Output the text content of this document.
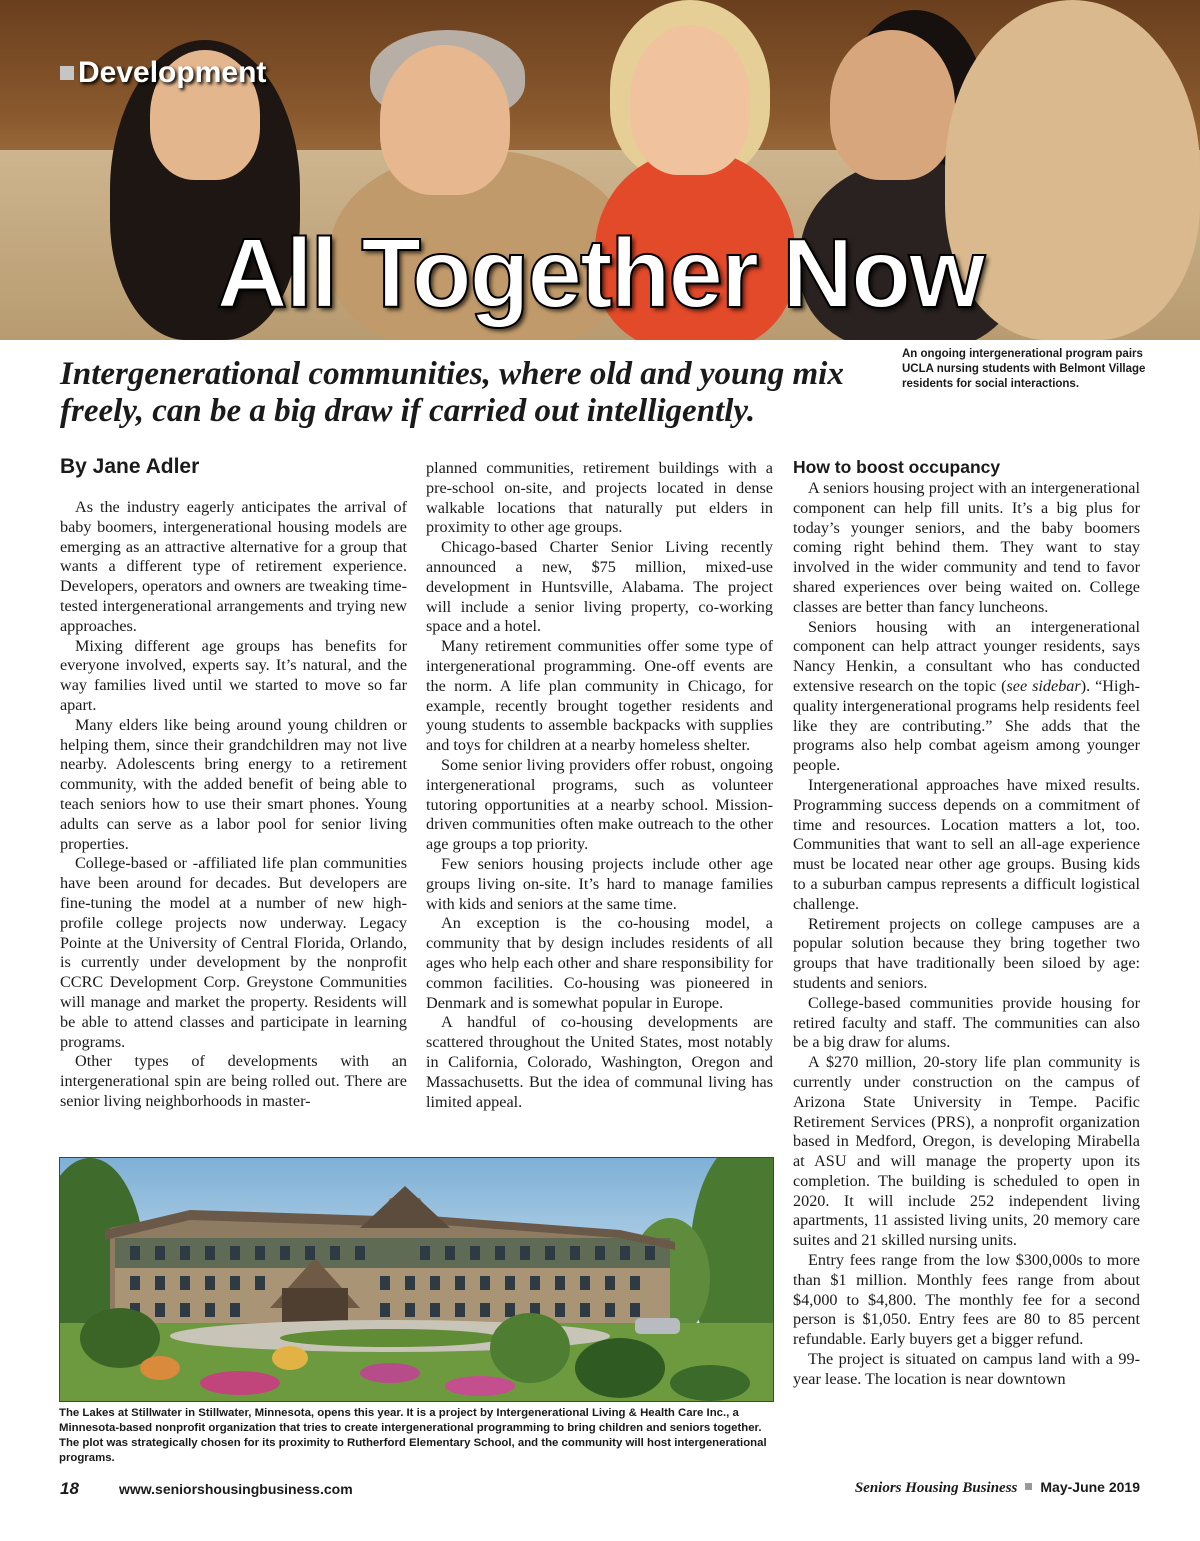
Development

All Together Now

Intergenerational communities, where old and young mix freely, can be a big draw if carried out intelligently.

An ongoing intergenerational program pairs UCLA nursing students with Belmont Village residents for social interactions.

By Jane Adler

As the industry eagerly anticipates the arrival of baby boomers, intergenerational housing models are emerging as an attractive alternative for a group that wants a different type of retirement experience. Developers, operators and owners are tweaking time-tested intergenerational arrangements and trying new approaches.

Mixing different age groups has benefits for everyone involved, experts say. It’s natural, and the way families lived until we started to move so far apart.

Many elders like being around young children or helping them, since their grandchildren may not live nearby. Adolescents bring energy to a retirement community, with the added benefit of being able to teach seniors how to use their smart phones. Young adults can serve as a labor pool for senior living properties.

College-based or -affiliated life plan communities have been around for decades. But developers are fine-tuning the model at a number of new high-profile college projects now underway. Legacy Pointe at the University of Central Florida, Orlando, is currently under development by the nonprofit CCRC Development Corp. Greystone Communities will manage and market the property. Residents will be able to attend classes and participate in learning programs.

Other types of developments with an intergenerational spin are being rolled out. There are senior living neighborhoods in master-

planned communities, retirement buildings with a pre-school on-site, and projects located in dense walkable locations that naturally put elders in proximity to other age groups.

Chicago-based Charter Senior Living recently announced a new, $75 million, mixed-use development in Huntsville, Alabama. The project will include a senior living property, co-working space and a hotel.

Many retirement communities offer some type of intergenerational programming. One-off events are the norm. A life plan community in Chicago, for example, recently brought together residents and young students to assemble backpacks with supplies and toys for children at a nearby homeless shelter.

Some senior living providers offer robust, ongoing intergenerational programs, such as volunteer tutoring opportunities at a nearby school. Mission-driven communities often make outreach to the other age groups a top priority.

Few seniors housing projects include other age groups living on-site. It’s hard to manage families with kids and seniors at the same time.

An exception is the co-housing model, a community that by design includes residents of all ages who help each other and share responsibility for common facilities. Co-housing was pioneered in Denmark and is somewhat popular in Europe.

A handful of co-housing developments are scattered throughout the United States, most notably in California, Colorado, Washington, Oregon and Massachusetts. But the idea of communal living has limited appeal.

How to boost occupancy

A seniors housing project with an intergenerational component can help fill units. It’s a big plus for today’s younger seniors, and the baby boomers coming right behind them. They want to stay involved in the wider community and tend to favor shared experiences over being waited on. College classes are better than fancy luncheons.

Seniors housing with an intergenerational component can help attract younger residents, says Nancy Henkin, a consultant who has conducted extensive research on the topic (see sidebar). “High-quality intergenerational programs help residents feel like they are contributing.” She adds that the programs also help combat ageism among younger people.

Intergenerational approaches have mixed results. Programming success depends on a commitment of time and resources. Location matters a lot, too. Communities that want to sell an all-age experience must be located near other age groups. Busing kids to a suburban campus represents a difficult logistical challenge.

Retirement projects on college campuses are a popular solution because they bring together two groups that have traditionally been siloed by age: students and seniors.

College-based communities provide housing for retired faculty and staff. The communities can also be a big draw for alums.

A $270 million, 20-story life plan community is currently under construction on the campus of Arizona State University in Tempe. Pacific Retirement Services (PRS), a nonprofit organization based in Medford, Oregon, is developing Mirabella at ASU and will manage the property upon its completion. The building is scheduled to open in 2020. It will include 252 independent living apartments, 11 assisted living units, 20 memory care suites and 21 skilled nursing units.

Entry fees range from the low $300,000s to more than $1 million. Monthly fees range from about $4,000 to $4,800. The monthly fee for a second person is $1,050. Entry fees are 80 to 85 percent refundable. Early buyers get a bigger refund.

The project is situated on campus land with a 99-year lease. The location is near downtown

The Lakes at Stillwater in Stillwater, Minnesota, opens this year. It is a project by Intergenerational Living & Health Care Inc., a Minnesota-based nonprofit organization that tries to create intergenerational programming to bring children and seniors together. The plot was strategically chosen for its proximity to Rutherford Elementary School, and the community will host intergenerational programs.

18	www.seniorshousingbusiness.com	Seniors Housing Business May-June 2019
